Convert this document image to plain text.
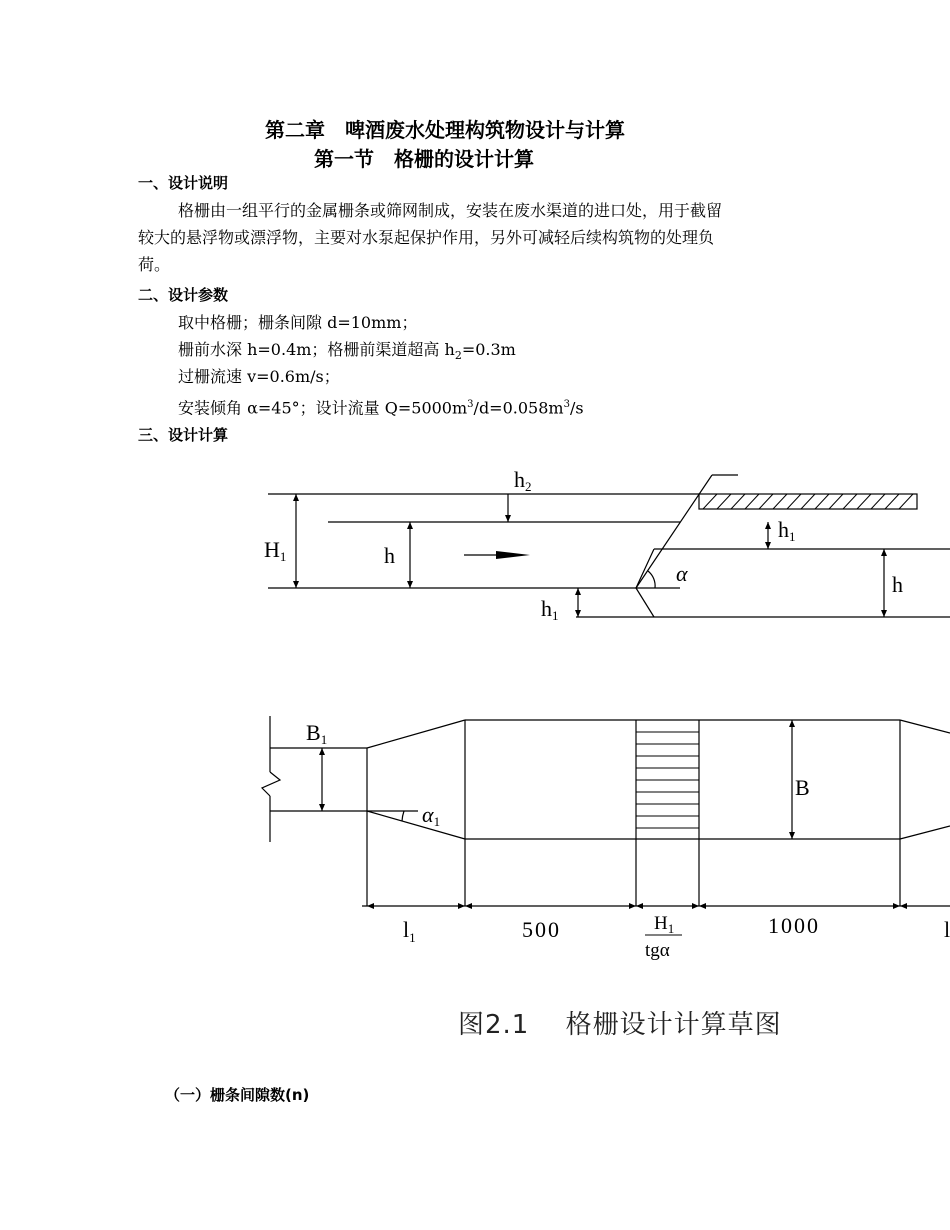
第二章　啤酒废水处理构筑物设计与计算
第一节　格栅的设计计算
一、设计说明
格栅由一组平行的金属栅条或筛网制成，安装在废水渠道的进口处，用于截留
较大的悬浮物或漂浮物，主要对水泵起保护作用，另外可减轻后续构筑物的处理负
荷。
二、设计参数
取中格栅；栅条间隙 d=10mm；
栅前水深 h=0.4m；格栅前渠道超高 $h_2=0.3m$
过栅流速 v=0.6m/s；
安装倾角 α=45°；设计流量 $Q=5000m^3/d=0.058m^3/s$
三、设计计算
h2
H1	h
h1
α	h
h1
B1
α1
B
$l_1$	500	$H_1$
tgα
1000	l
图2.1　 格栅设计计算草图
（一）栅条间隙数(n)
